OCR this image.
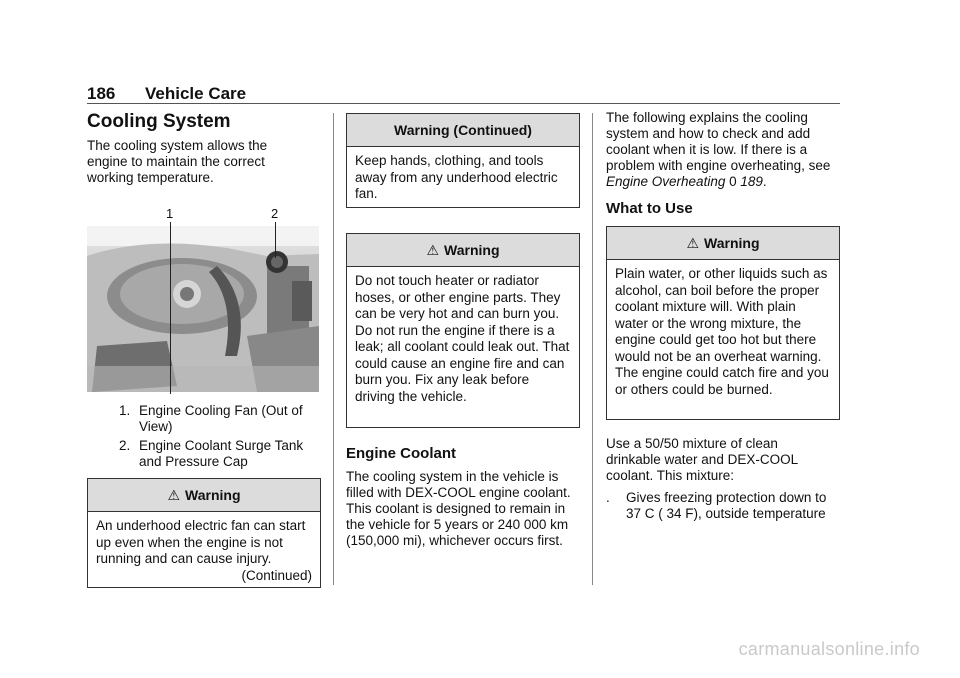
186 Vehicle Care
Cooling System

The cooling system allows the engine to maintain the correct working temperature.

1	2
1. Engine Cooling Fan (Out of View)
2. Engine Coolant Surge Tank and Pressure Cap
⚠ Warning
An underhood electric fan can start up even when the engine is not running and can cause injury.
(Continued)
Warning (Continued)
Keep hands, clothing, and tools away from any underhood electric fan.
⚠ Warning
Do not touch heater or radiator hoses, or other engine parts. They can be very hot and can burn you. Do not run the engine if there is a leak; all coolant could leak out. That could cause an engine fire and can burn you. Fix any leak before driving the vehicle.
Engine Coolant

The cooling system in the vehicle is filled with DEX-COOL engine coolant. This coolant is designed to remain in the vehicle for 5 years or 240 000 km (150,000 mi), whichever occurs first.

The following explains the cooling system and how to check and add coolant when it is low. If there is a problem with engine overheating, see Engine Overheating 0 189.

What to Use
⚠ Warning
Plain water, or other liquids such as alcohol, can boil before the proper coolant mixture will. With plain water or the wrong mixture, the engine could get too hot but there would not be an overheat warning. The engine could catch fire and you or others could be burned.

Use a 50/50 mixture of clean drinkable water and DEX-COOL coolant. This mixture:

.	Gives freezing protection down to 37 C ( 34 F), outside temperature
carmanualsonline.info
